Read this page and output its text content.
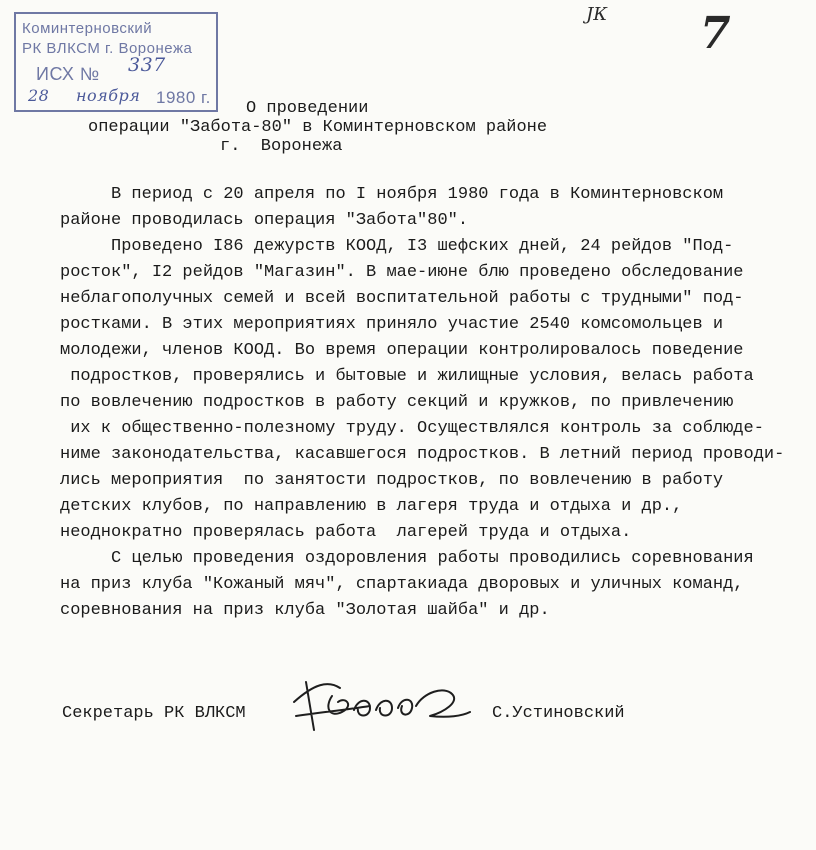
Коминтерновский
РК ВЛКСМ г. Воронежа
ИСХ № 337
28 ноября 1980 г.
ЈК 7
О проведении
операции "Забота-80" в Коминтерновском районе
г.  Воронежа
В период с 20 апреля по I ноября 1980 года в Коминтерновском
районе проводилась операция "Забота"80".
Проведено I86 дежурств КООД, I3 шефских дней, 24 рейдов "Под-
росток", I2 рейдов "Магазин". В мае-июне блю проведено обследование
неблагополучных семей и всей воспитательной работы с трудными" под-
ростками. В этих мероприятиях приняло участие 2540 комсомольцев и
молодежи, членов КООД. Во время операции контролировалось поведение
подростков, проверялись и бытовые и жилищные условия, велась работа
по вовлечению подростков в работу секций и кружков, по привлечению
их к общественно-полезному труду. Осуществлялся контроль за соблюде-
ниме законодательства, касавшегося подростков. В летний период проводи-
лись мероприятия  по занятости подростков, по вовлечению в работу
детских клубов, по направлению в лагеря труда и отдыха и др.,
неоднократно проверялась работа  лагерей труда и отдыха.
С целью проведения оздоровления работы проводились соревнования
на приз клуба "Кожаный мяч", спартакиада дворовых и уличных команд,
соревнования на приз клуба "Золотая шайба" и др.
Секретарь РК ВЛКСМ	С.Устиновский
